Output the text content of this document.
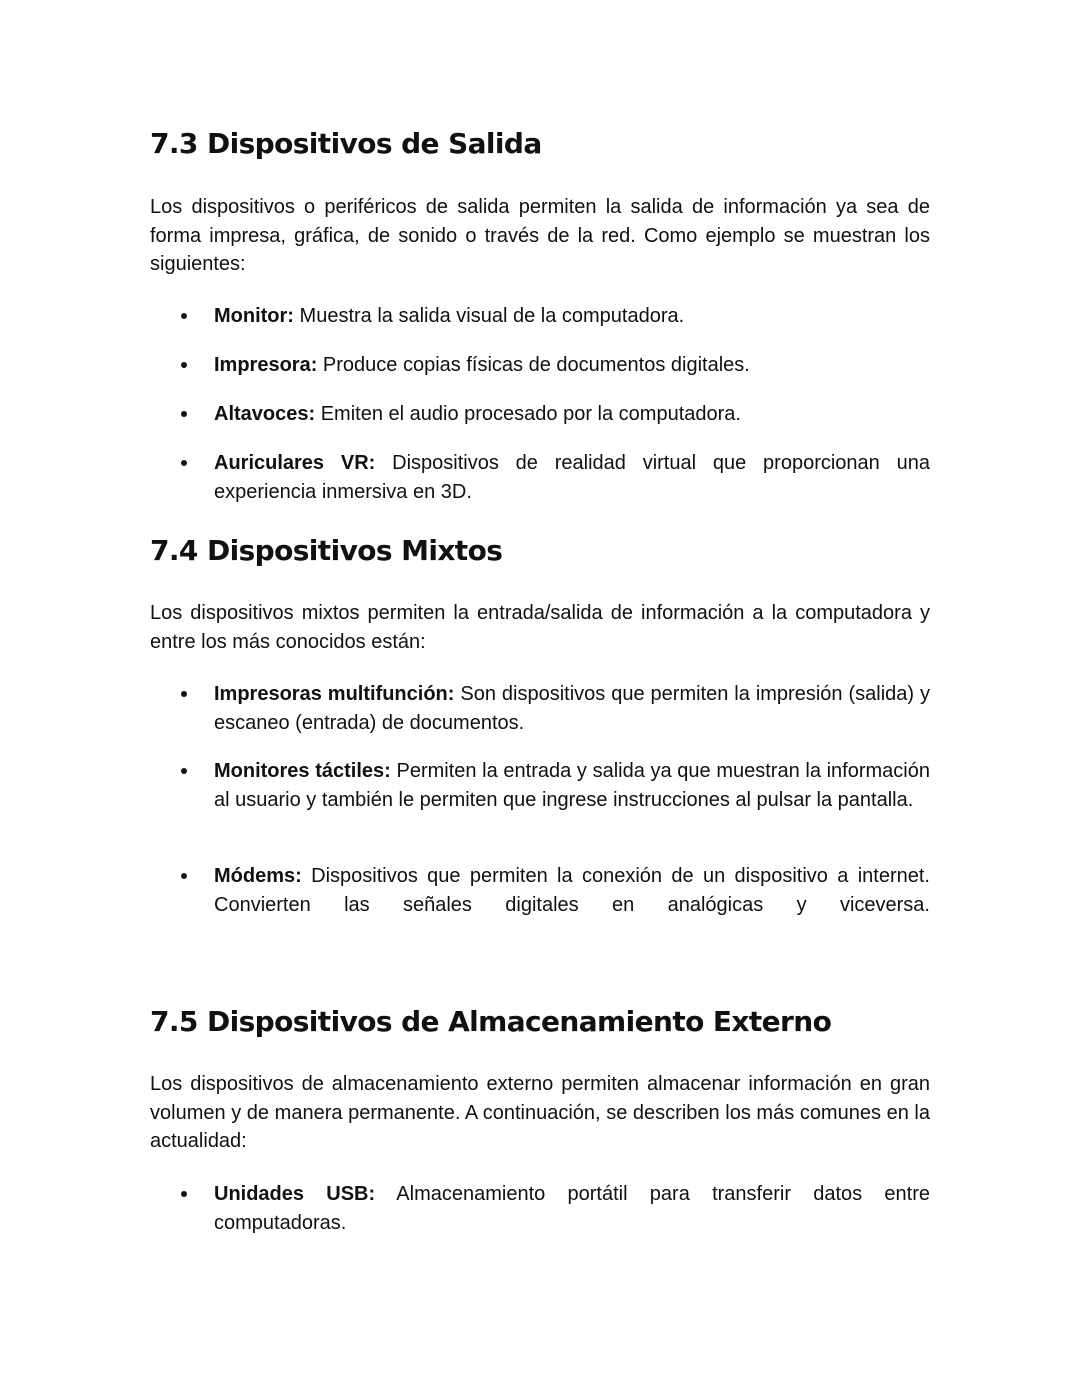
7.3 Dispositivos de Salida

Los dispositivos o periféricos de salida permiten la salida de información ya sea de forma impresa, gráfica, de sonido o través de la red. Como ejemplo se muestran los siguientes:

Monitor: Muestra la salida visual de la computadora.
Impresora: Produce copias físicas de documentos digitales.
Altavoces: Emiten el audio procesado por la computadora.
Auriculares VR: Dispositivos de realidad virtual que proporcionan una experiencia inmersiva en 3D.
7.4 Dispositivos Mixtos

Los dispositivos mixtos permiten la entrada/salida de información a la computadora y entre los más conocidos están:

Impresoras multifunción: Son dispositivos que permiten la impresión (salida) y escaneo (entrada) de documentos.
Monitores táctiles: Permiten la entrada y salida ya que muestran la información al usuario y también le permiten que ingrese instrucciones al pulsar la pantalla.
Módems: Dispositivos que permiten la conexión de un dispositivo a internet. Convierten las señales digitales en analógicas y viceversa.
7.5 Dispositivos de Almacenamiento Externo

Los dispositivos de almacenamiento externo permiten almacenar información en gran volumen y de manera permanente. A continuación, se describen los más comunes en la actualidad:

Unidades USB: Almacenamiento portátil para transferir datos entre computadoras.
